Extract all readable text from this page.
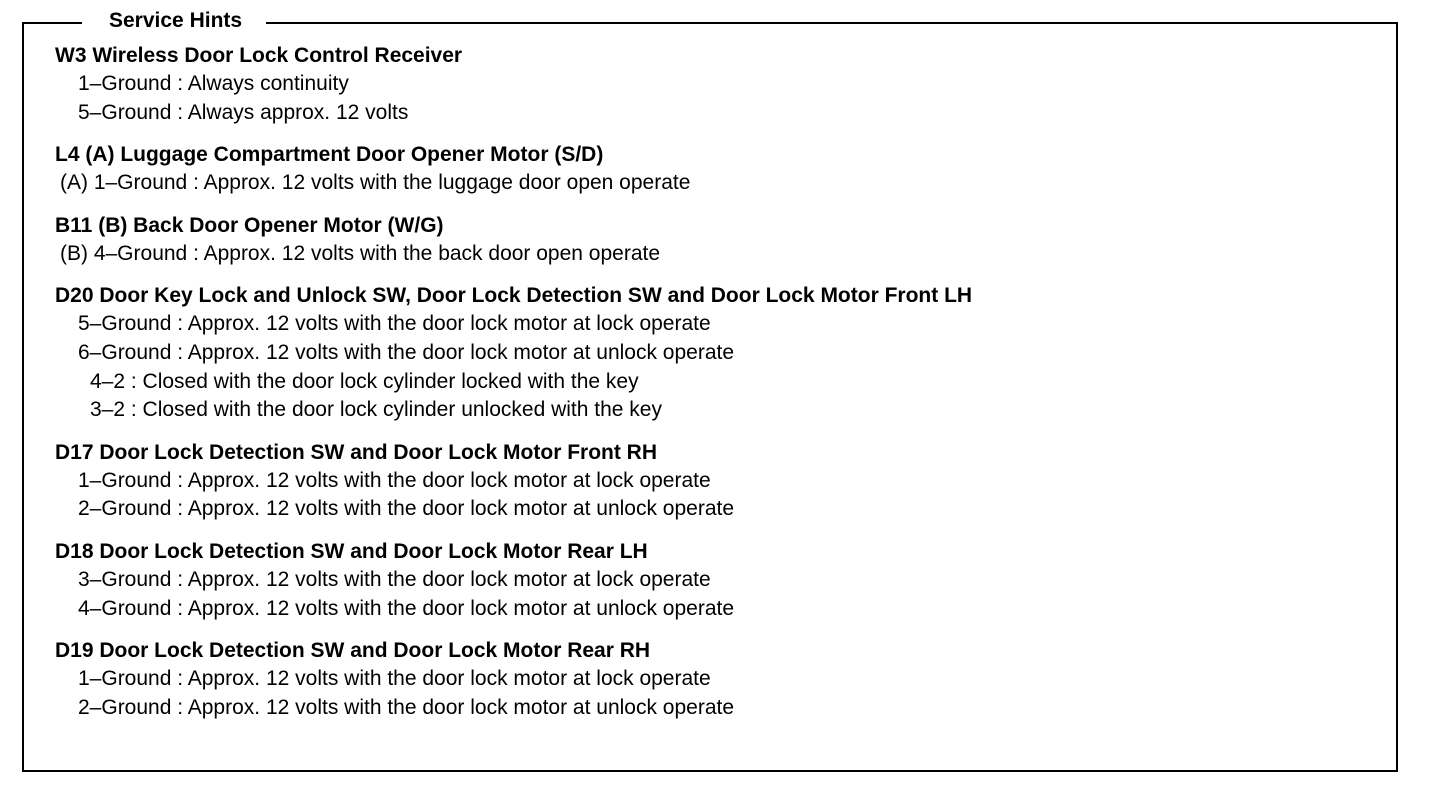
Service Hints
W3 Wireless Door Lock Control Receiver
1–Ground : Always continuity
5–Ground : Always approx. 12 volts
L4 (A) Luggage Compartment Door Opener Motor (S/D)
(A) 1–Ground : Approx. 12 volts with the luggage door open operate
B11 (B) Back Door Opener Motor (W/G)
(B) 4–Ground : Approx. 12 volts with the back door open operate
D20 Door Key Lock and Unlock SW, Door Lock Detection SW and Door Lock Motor Front LH
5–Ground : Approx. 12 volts with the door lock motor at lock operate
6–Ground : Approx. 12 volts with the door lock motor at unlock operate
4–2 : Closed with the door lock cylinder locked with the key
3–2 : Closed with the door lock cylinder unlocked with the key
D17 Door Lock Detection SW and Door Lock Motor Front RH
1–Ground : Approx. 12 volts with the door lock motor at lock operate
2–Ground : Approx. 12 volts with the door lock motor at unlock operate
D18 Door Lock Detection SW and Door Lock Motor Rear LH
3–Ground : Approx. 12 volts with the door lock motor at lock operate
4–Ground : Approx. 12 volts with the door lock motor at unlock operate
D19 Door Lock Detection SW and Door Lock Motor Rear RH
1–Ground : Approx. 12 volts with the door lock motor at lock operate
2–Ground : Approx. 12 volts with the door lock motor at unlock operate
